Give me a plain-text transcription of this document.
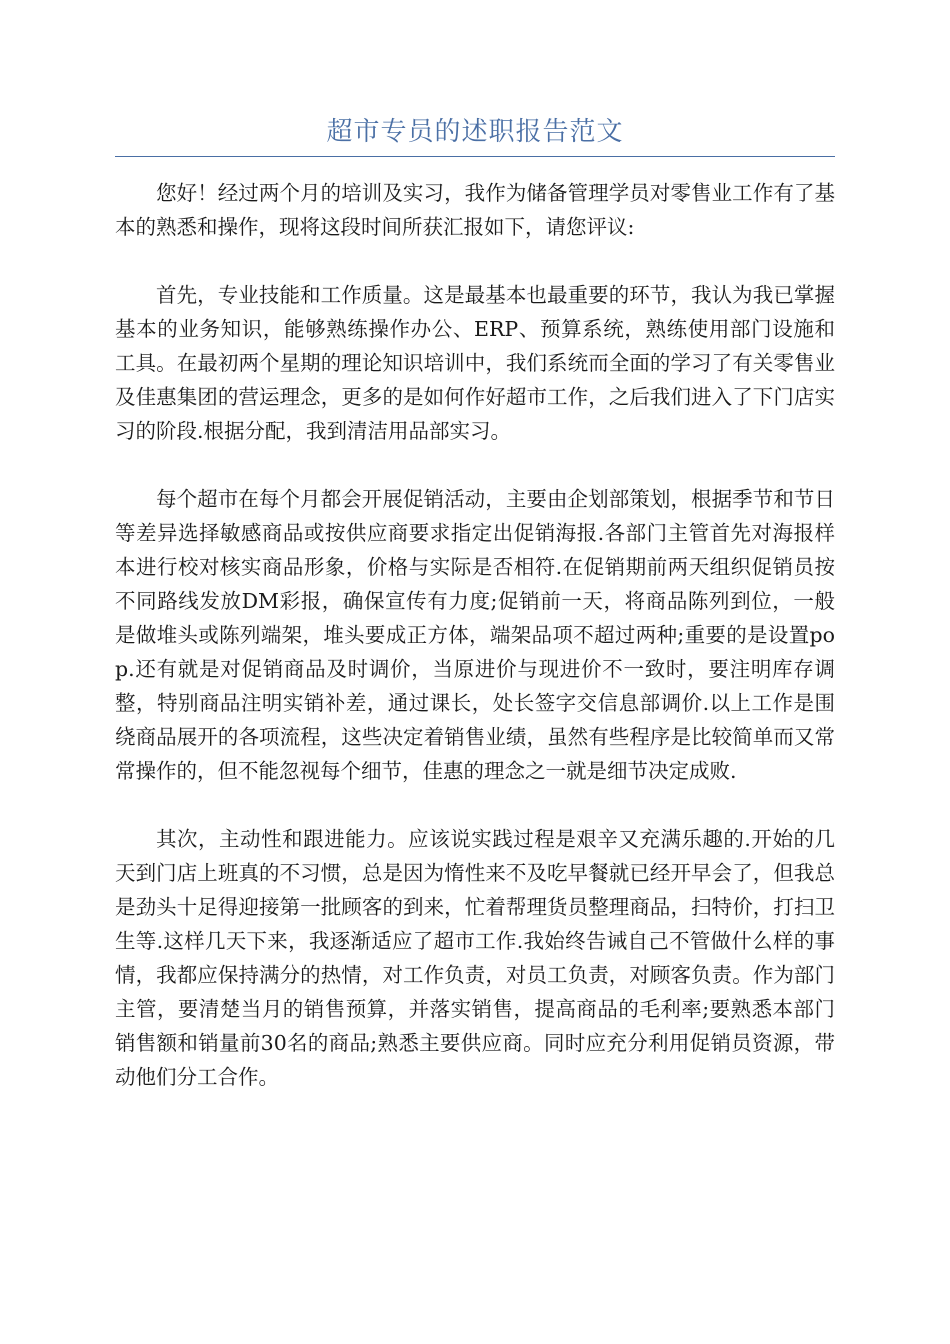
超市专员的述职报告范文

您好！经过两个月的培训及实习，我作为储备管理学员对零售业工作有了基本的熟悉和操作，现将这段时间所获汇报如下，请您评议:

首先，专业技能和工作质量。这是最基本也最重要的环节，我认为我已掌握基本的业务知识，能够熟练操作办公、ERP、预算系统，熟练使用部门设施和工具。在最初两个星期的理论知识培训中，我们系统而全面的学习了有关零售业及佳惠集团的营运理念，更多的是如何作好超市工作，之后我们进入了下门店实习的阶段.根据分配，我到清洁用品部实习。

每个超市在每个月都会开展促销活动，主要由企划部策划，根据季节和节日等差异选择敏感商品或按供应商要求指定出促销海报.各部门主管首先对海报样本进行校对核实商品形象，价格与实际是否相符.在促销期前两天组织促销员按不同路线发放DM彩报，确保宣传有力度;促销前一天，将商品陈列到位，一般是做堆头或陈列端架，堆头要成正方体，端架品项不超过两种;重要的是设置pop.还有就是对促销商品及时调价，当原进价与现进价不一致时，要注明库存调整，特别商品注明实销补差，通过课长，处长签字交信息部调价.以上工作是围绕商品展开的各项流程，这些决定着销售业绩，虽然有些程序是比较简单而又常常操作的，但不能忽视每个细节，佳惠的理念之一就是细节决定成败.

其次，主动性和跟进能力。应该说实践过程是艰辛又充满乐趣的.开始的几天到门店上班真的不习惯，总是因为惰性来不及吃早餐就已经开早会了，但我总是劲头十足得迎接第一批顾客的到来，忙着帮理货员整理商品，扫特价，打扫卫生等.这样几天下来，我逐渐适应了超市工作.我始终告诫自己不管做什么样的事情，我都应保持满分的热情，对工作负责，对员工负责，对顾客负责。作为部门主管，要清楚当月的销售预算，并落实销售，提高商品的毛利率;要熟悉本部门销售额和销量前30名的商品;熟悉主要供应商。同时应充分利用促销员资源，带动他们分工合作。
